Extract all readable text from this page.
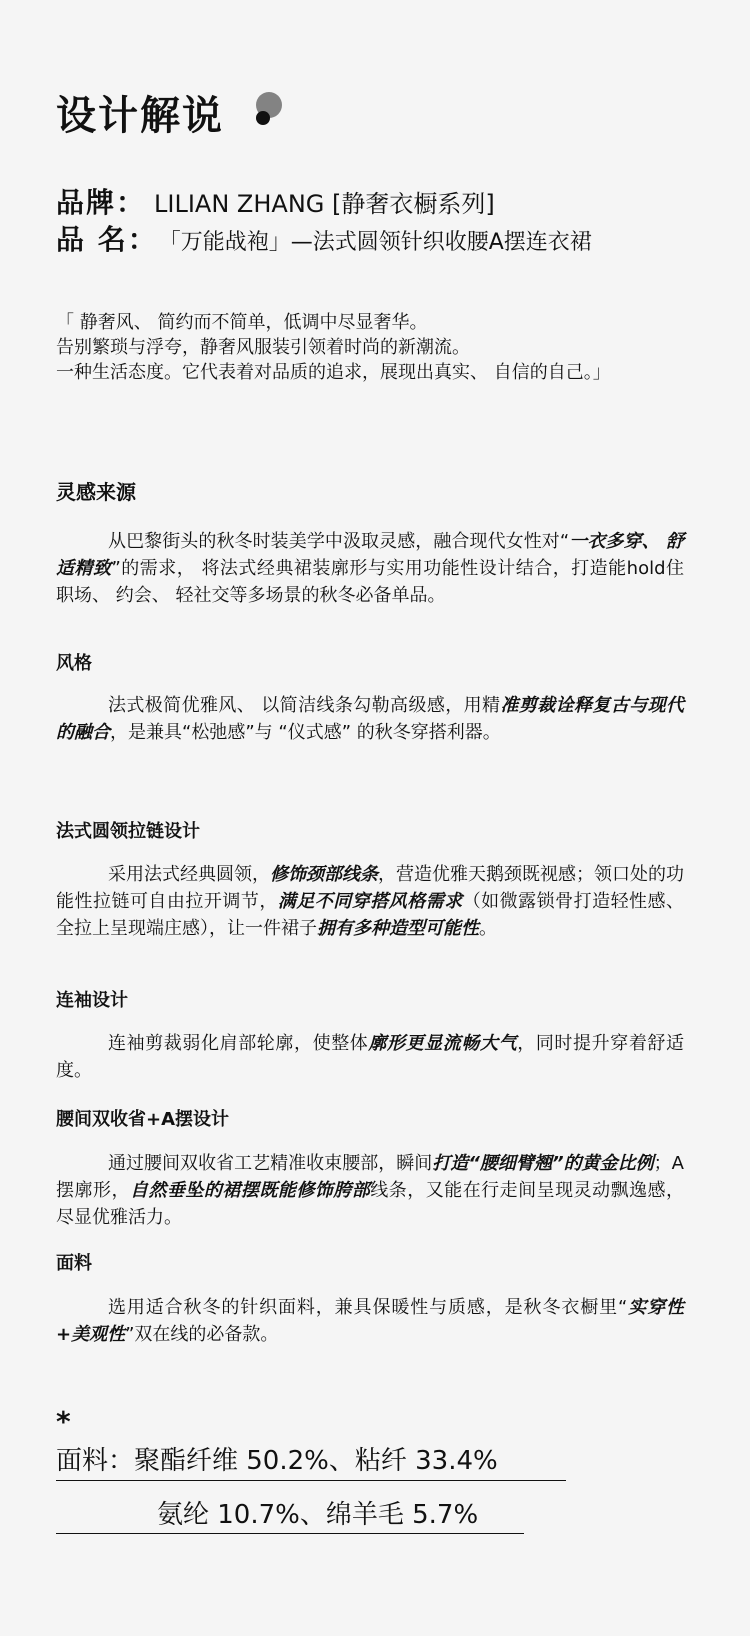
设计解说
品牌： LILIAN ZHANG [静奢衣橱系列]
品 名： 「万能战袍」—法式圆领针织收腰A摆连衣裙
「 静奢风、 简约而不简单，低调中尽显奢华。
告别繁琐与浮夸，静奢风服装引领着时尚的新潮流。
一种生活态度。它代表着对品质的追求，展现出真实、 自信的自己。」
灵感来源
从巴黎街头的秋冬时装美学中汲取灵感，融合现代女性对“一衣多穿、 舒适精致”的需求， 将法式经典裙装廓形与实用功能性设计结合，打造能hold住职场、 约会、 轻社交等多场景的秋冬必备单品。
风格
法式极简优雅风、 以简洁线条勾勒高级感，用精准剪裁诠释复古与现代的融合，是兼具“松弛感”与 “仪式感” 的秋冬穿搭利器。
法式圆领拉链设计
采用法式经典圆领，修饰颈部线条，营造优雅天鹅颈既视感；领口处的功能性拉链可自由拉开调节，满足不同穿搭风格需求（如微露锁骨打造轻性感、全拉上呈现端庄感），让一件裙子拥有多种造型可能性。
连袖设计
连袖剪裁弱化肩部轮廓，使整体廓形更显流畅大气，同时提升穿着舒适度。
腰间双收省+A摆设计
通过腰间双收省工艺精准收束腰部，瞬间打造“腰细臂翘”的黄金比例；A摆廓形，自然垂坠的裙摆既能修饰胯部线条，又能在行走间呈现灵动飘逸感，尽显优雅活力。
面料
选用适合秋冬的针织面料，兼具保暖性与质感，是秋冬衣橱里“实穿性+美观性”双在线的必备款。
*
面料：聚酯纤维 50.2%、粘纤 33.4%
氨纶 10.7%、绵羊毛 5.7%
